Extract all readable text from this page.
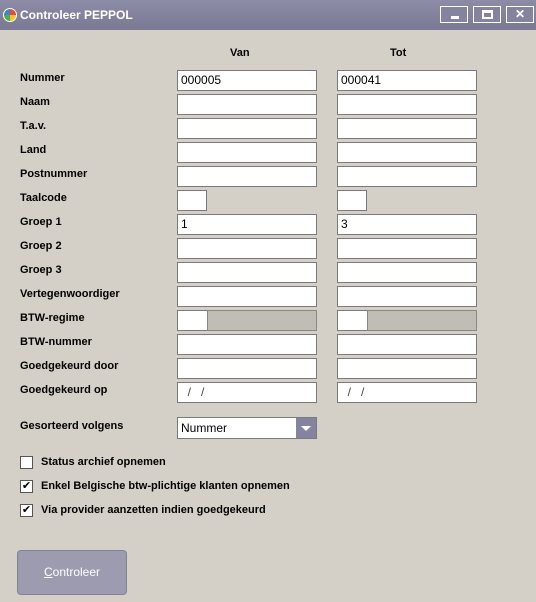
Controleer PEPPOL	✕
Van	Tot
Nummer	000005	000041
Naam
T.a.v.
Land
Postnummer
Taalcode
Groep 1	1	3
Groep 2
Groep 3
Vertegenwoordiger
BTW-regime
BTW-nummer
Goedgekeurd door
Goedgekeurd op	/   /	/   /
Gesorteerd volgens	Nummer
Status archief opnemen
✔ Enkel Belgische btw-plichtige klanten opnemen
✔ Via provider aanzetten indien goedgekeurd
Controleer
